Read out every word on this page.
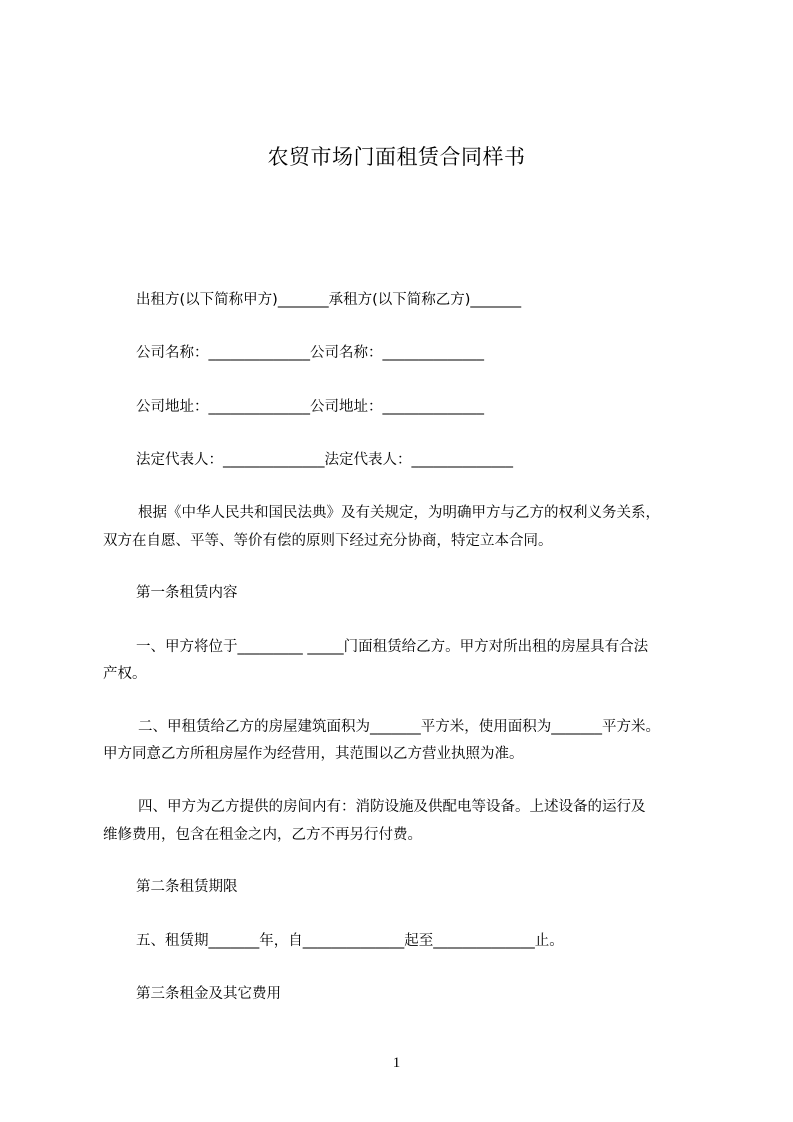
农贸市场门面租赁合同样书
出租方(以下简称甲方)_______承租方(以下简称乙方)_______
公司名称：______________公司名称：______________
公司地址：______________公司地址：______________
法定代表人：______________法定代表人：______________
根据《中华人民共和国民法典》及有关规定，为明确甲方与乙方的权利义务关系，
双方在自愿、平等、等价有偿的原则下经过充分协商，特定立本合同。
第一条租赁内容
一、甲方将位于_________ _____门面租赁给乙方。甲方对所出租的房屋具有合法
产权。
二、甲租赁给乙方的房屋建筑面积为_______平方米，使用面积为_______平方米。
甲方同意乙方所租房屋作为经营用，其范围以乙方营业执照为准。
四、甲方为乙方提供的房间内有：消防设施及供配电等设备。上述设备的运行及
维修费用，包含在租金之内，乙方不再另行付费。
第二条租赁期限
五、租赁期_______年，自______________起至______________止。
第三条租金及其它费用
1
